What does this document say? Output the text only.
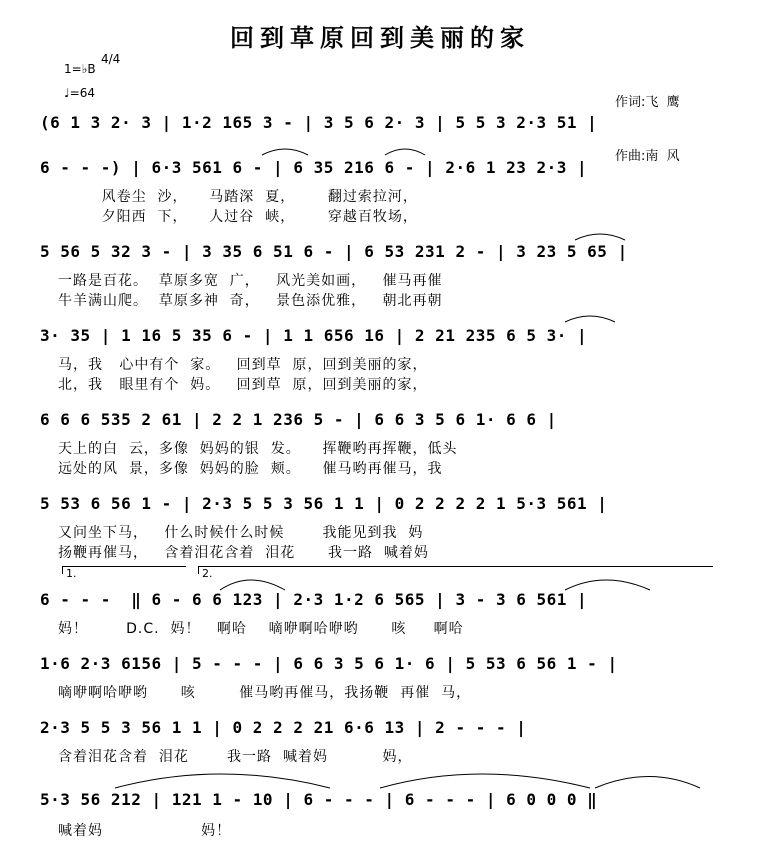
回到草原回到美丽的家
1=♭B
4/4
♩=64

作词:飞  鹰

作曲:南  风

(6 1 3 2· 3 | 1·2 165 3 - | 3 5 6 2· 3 | 5 5 3 2·3 51 |
6 - - -) | 6·3 561 6 - | 6 35 216 6 - | 2·6 1 23 2·3 |
风卷尘  沙，    马踏深  夏，      翻过索拉河，
夕阳西  下，    人过谷  峡，      穿越百牧场，
5 56 5 32 3 - | 3 35 6 51 6 - | 6 53 231 2 - | 3 23 5 65 |
一路是百花。  草原多宽  广，   风光美如画，   催马再催
牛羊满山爬。  草原多神  奇，   景色添优雅，   朝北再朝
3· 35 | 1 16 5 35 6 - | 1 1 656 16 | 2 21 235 6 5 3· |
马，我   心中有个  家。   回到草  原，回到美丽的家，
北，我   眼里有个  妈。   回到草  原，回到美丽的家，
6 6 6 535 2 61 | 2 2 1 236 5 - | 6 6 3 5 6 1· 6 6 |
天上的白  云，多像  妈妈的银  发。    挥鞭哟再挥鞭，低头
远处的风  景，多像  妈妈的脸  颊。    催马哟再催马，我
5 53 6 56 1 - | 2·3 5 5 3 56 1 1 | 0 2 2 2 2 1 5·3 561 |
又问坐下马，   什么时候什么时候       我能见到我  妈
扬鞭再催马，   含着泪花含着  泪花      我一路  喊着妈
1.	2.
6 - - -  ‖ 6 - 6 6 123 | 2·3 1·2 6 565 | 3 - 3 6 561 |
妈！       D.C.  妈！   啊哈    嘀咿啊哈咿哟      咳     啊哈
1·6 2·3 6156 | 5 - - - | 6 6 3 5 6 1· 6 | 5 53 6 56 1 - |
嘀咿啊哈咿哟      咳        催马哟再催马，我扬鞭  再催  马，
2·3 5 5 3 56 1 1 | 0 2 2 2 21 6·6 13 | 2 - - - |
含着泪花含着  泪花       我一路  喊着妈          妈，
5·3 56 212 | 121 1 - 10 | 6 - - - | 6 - - - | 6 0 0 0 ‖
喊着妈                  妈！
